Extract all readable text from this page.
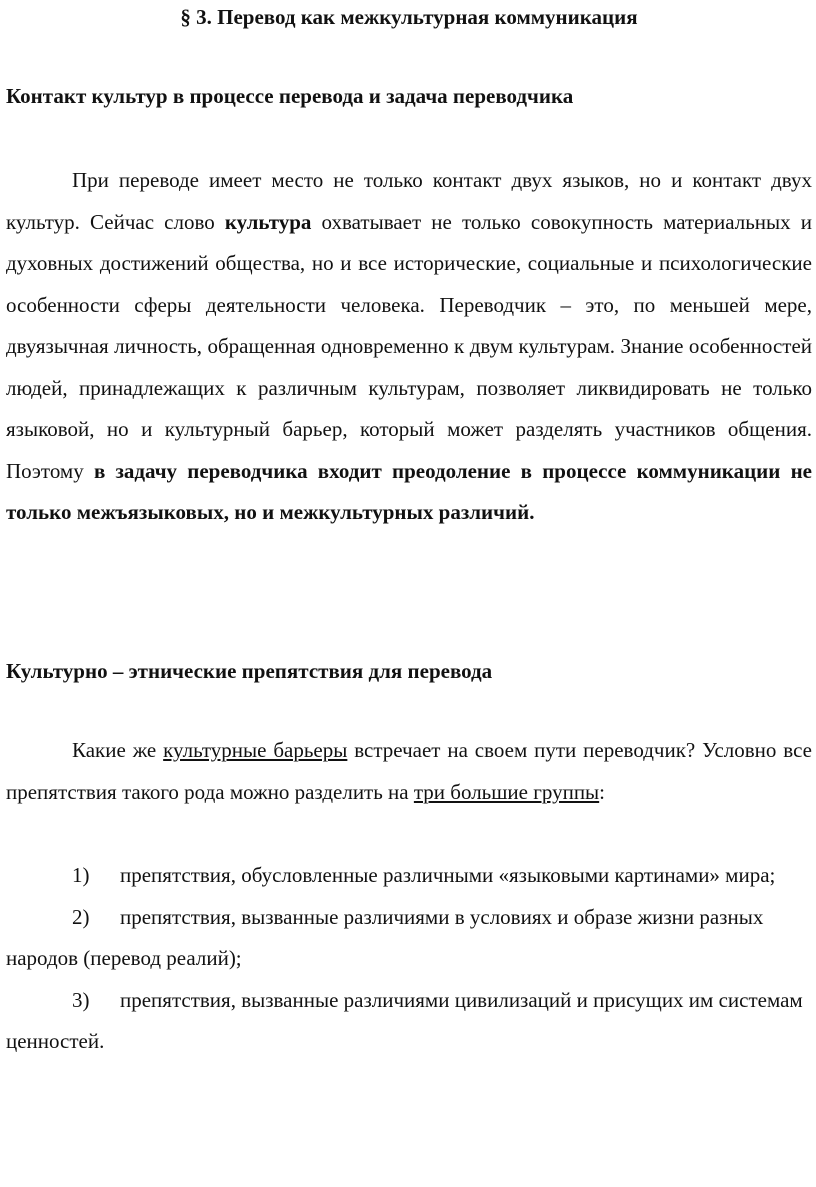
§ 3. Перевод как межкультурная коммуникация
Контакт культур в процессе перевода и задача переводчика

При переводе имеет место не только контакт двух языков, но и контакт двух культур. Сейчас слово культура охватывает не только совокупность материальных и духовных достижений общества, но и все исторические, социальные и психологические особенности сферы деятельности человека. Переводчик – это, по меньшей мере, двуязычная личность, обращенная одновременно к двум культурам. Знание особенностей людей, принадлежащих к различным культурам, позволяет ликвидировать не только языковой, но и культурный барьер, который может разделять участников общения. Поэтому в задачу переводчика входит преодоление в процессе коммуникации не только межъязыковых, но и межкультурных различий.

Культурно – этнические препятствия для перевода

Какие же культурные барьеры встречает на своем пути переводчик? Условно все препятствия такого рода можно разделить на три большие группы:

1) препятствия, обусловленные различными «языковыми картинами» мира;
2) препятствия, вызванные различиями в условиях и образе жизни разных народов (перевод реалий);
3) препятствия, вызванные различиями цивилизаций и присущих им системам ценностей.
